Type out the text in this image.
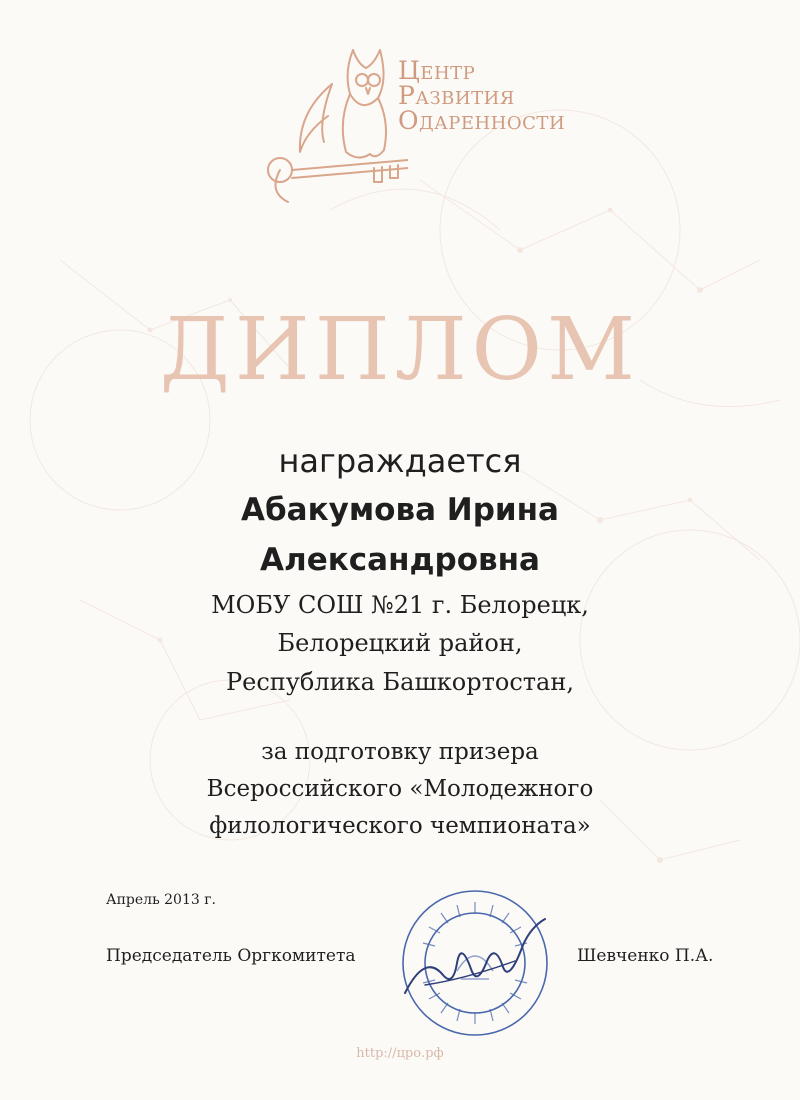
Центр
Развития
Одаренности
ДИПЛОМ
награждается
Абакумова Ирина
Александровна
МОБУ СОШ №21 г. Белорецк,
Белорецкий район,
Республика Башкортостан,
за подготовку призера
Всероссийского «Молодежного
филологического чемпионата»
Апрель 2013 г.
Председатель Оргкомитета	Шевченко П.А.
http://цро.рф
